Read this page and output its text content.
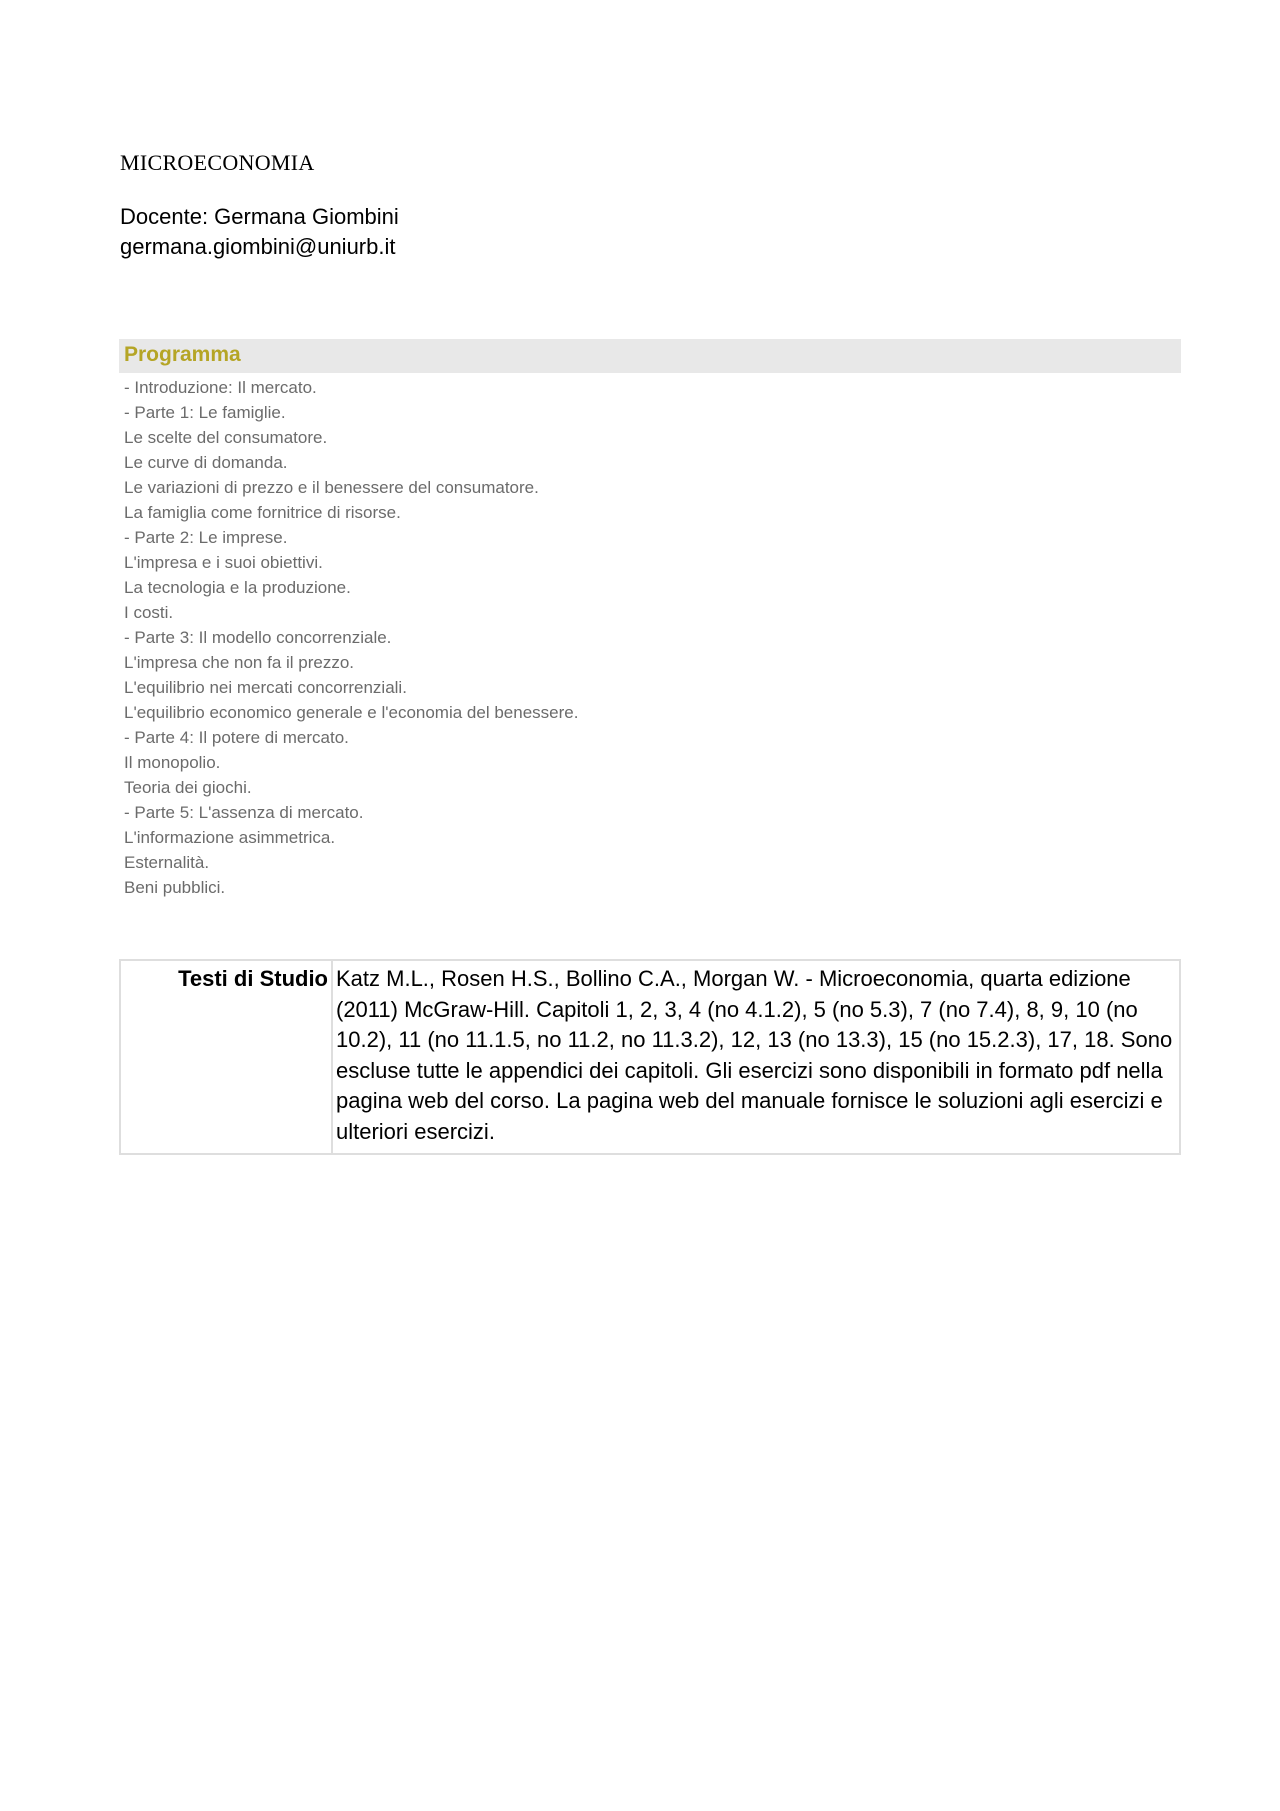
MICROECONOMIA
Docente: Germana Giombini
germana.giombini@uniurb.it
Programma
- Introduzione: Il mercato.
- Parte 1: Le famiglie.
Le scelte del consumatore.
Le curve di domanda.
Le variazioni di prezzo e il benessere del consumatore.
La famiglia come fornitrice di risorse.
- Parte 2: Le imprese.
L'impresa e i suoi obiettivi.
La tecnologia e la produzione.
I costi.
- Parte 3: Il modello concorrenziale.
L'impresa che non fa il prezzo.
L'equilibrio nei mercati concorrenziali.
L'equilibrio economico generale e l'economia del benessere.
- Parte 4: Il potere di mercato.
Il monopolio.
Teoria dei giochi.
- Parte 5: L'assenza di mercato.
L'informazione asimmetrica.
Esternalità.
Beni pubblici.
Testi di Studio	Katz M.L., Rosen H.S., Bollino C.A., Morgan W. - Microeconomia, quarta edizione (2011) McGraw-Hill. Capitoli 1, 2, 3, 4 (no 4.1.2), 5 (no 5.3), 7 (no 7.4), 8, 9, 10 (no 10.2), 11 (no 11.1.5, no 11.2, no 11.3.2), 12, 13 (no 13.3), 15 (no 15.2.3), 17, 18. Sono escluse tutte le appendici dei capitoli. Gli esercizi sono disponibili in formato pdf nella pagina web del corso. La pagina web del manuale fornisce le soluzioni agli esercizi e ulteriori esercizi.
